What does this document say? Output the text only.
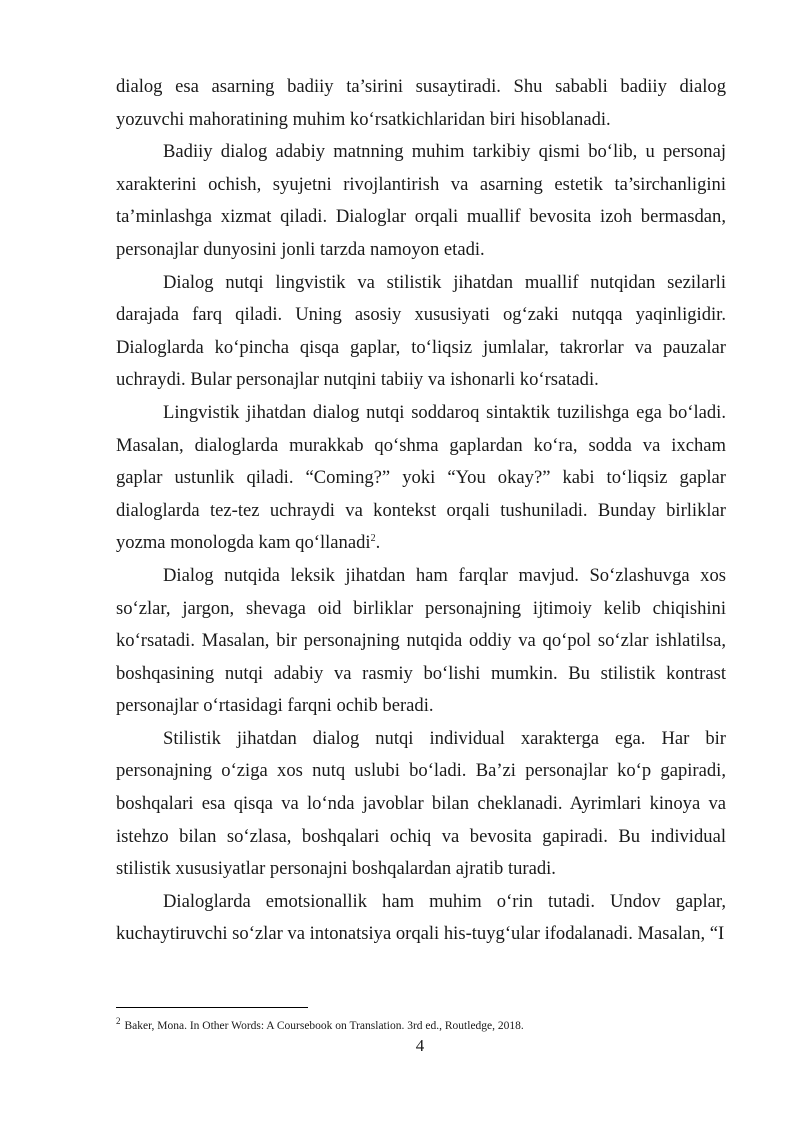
dialog esa asarning badiiy ta’sirini susaytiradi. Shu sababli badiiy dialog yozuvchi mahoratining muhim ko‘rsatkichlaridan biri hisoblanadi.

Badiiy dialog adabiy matnning muhim tarkibiy qismi bo‘lib, u personaj xarakterini ochish, syujetni rivojlantirish va asarning estetik ta’sirchanligini ta’minlashga xizmat qiladi. Dialoglar orqali muallif bevosita izoh bermasdan, personajlar dunyosini jonli tarzda namoyon etadi.

Dialog nutqi lingvistik va stilistik jihatdan muallif nutqidan sezilarli darajada farq qiladi. Uning asosiy xususiyati og‘zaki nutqqa yaqinligidir. Dialoglarda ko‘pincha qisqa gaplar, to‘liqsiz jumlalar, takrorlar va pauzalar uchraydi. Bular personajlar nutqini tabiiy va ishonarli ko‘rsatadi.

Lingvistik jihatdan dialog nutqi soddaroq sintaktik tuzilishga ega bo‘ladi. Masalan, dialoglarda murakkab qo‘shma gaplardan ko‘ra, sodda va ixcham gaplar ustunlik qiladi. “Coming?” yoki “You okay?” kabi to‘liqsiz gaplar dialoglarda tez-tez uchraydi va kontekst orqali tushuniladi. Bunday birliklar yozma monologda kam qo‘llanadi$^2$.

Dialog nutqida leksik jihatdan ham farqlar mavjud. So‘zlashuvga xos so‘zlar, jargon, shevaga oid birliklar personajning ijtimoiy kelib chiqishini ko‘rsatadi. Masalan, bir personajning nutqida oddiy va qo‘pol so‘zlar ishlatilsa, boshqasining nutqi adabiy va rasmiy bo‘lishi mumkin. Bu stilistik kontrast personajlar o‘rtasidagi farqni ochib beradi.

Stilistik jihatdan dialog nutqi individual xarakterga ega. Har bir personajning o‘ziga xos nutq uslubi bo‘ladi. Ba’zi personajlar ko‘p gapiradi, boshqalari esa qisqa va lo‘nda javoblar bilan cheklanadi. Ayrimlari kinoya va istehzo bilan so‘zlasa, boshqalari ochiq va bevosita gapiradi. Bu individual stilistik xususiyatlar personajni boshqalardan ajratib turadi.

Dialoglarda emotsionallik ham muhim o‘rin tutadi. Undov gaplar, kuchaytiruvchi so‘zlar va intonatsiya orqali his-tuyg‘ular ifodalanadi. Masalan, “I

$^2$ Baker, Mona. In Other Words: A Coursebook on Translation. 3rd ed., Routledge, 2018.
4
